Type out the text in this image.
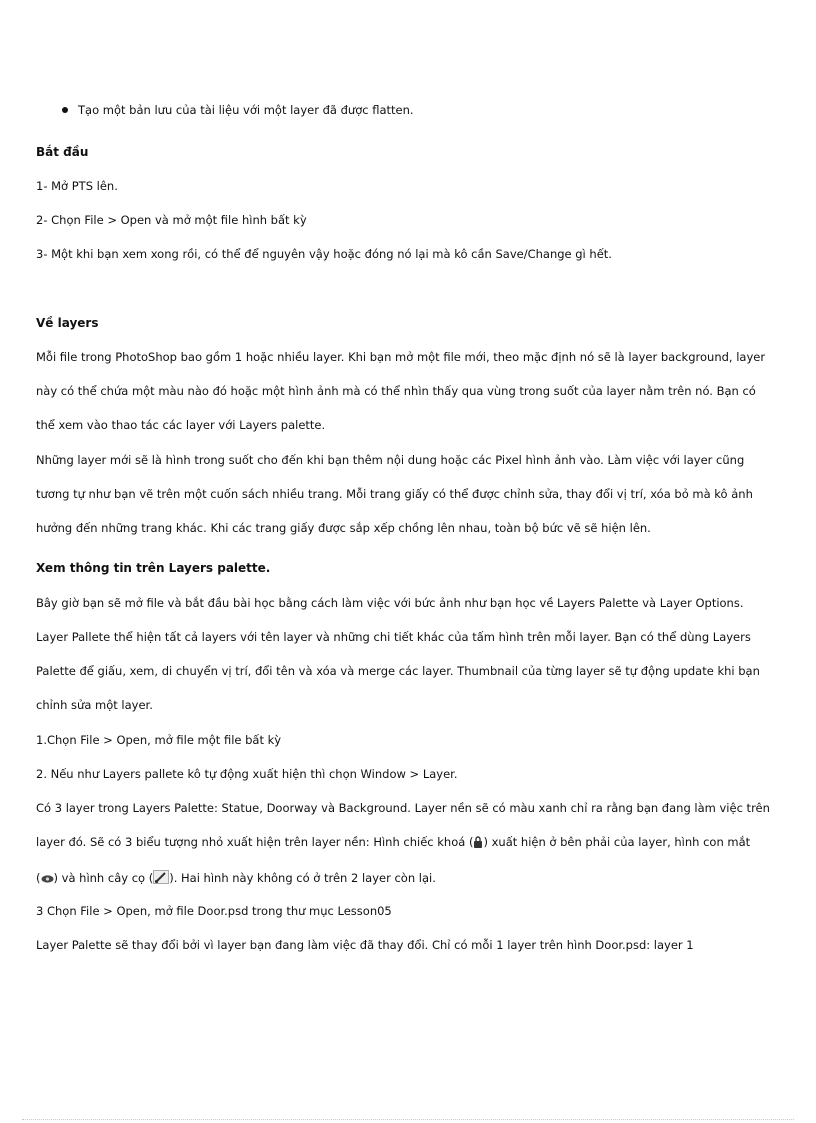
Tạo một bản lưu của tài liệu với một layer đã được flatten.
Bắt đầu
1- Mở PTS lên.
2- Chọn File > Open và mở một file hình bất kỳ
3- Một khi bạn xem xong rồi, có thể để nguyên vậy hoặc đóng nó lại mà kô cần Save/Change gì hết.
Về layers
Mỗi file trong PhotoShop bao gồm 1 hoặc nhiều layer. Khi bạn mở một file mới, theo mặc định nó sẽ là layer background, layer
này có thể chứa một màu nào đó hoặc một hình ảnh mà có thể nhìn thấy qua vùng trong suốt của layer nằm trên nó. Bạn có
thể xem vào thao tác các layer với Layers palette.
Những layer mới sẽ là hình trong suốt cho đến khi bạn thêm nội dung hoặc các Pixel hình ảnh vào. Làm việc với layer cũng
tương tự như bạn vẽ trên một cuốn sách nhiều trang. Mỗi trang giấy có thể được chỉnh sửa, thay đổi vị trí, xóa bỏ mà kô ảnh
hưởng đến những trang khác. Khi các trang giấy được sắp xếp chồng lên nhau, toàn bộ bức vẽ sẽ hiện lên.
Xem thông tin trên Layers palette.
Bây giờ bạn sẽ mở file và bắt đầu bài học bằng cách làm việc với bức ảnh như bạn học về Layers Palette và Layer Options.
Layer Pallete thể hiện tất cả layers với tên layer và những chi tiết khác của tấm hình trên mỗi layer. Bạn có thể dùng Layers
Palette để giấu, xem, di chuyển vị trí, đổi tên và xóa và merge các layer. Thumbnail của từng layer sẽ tự động update khi bạn
chỉnh sửa một layer.
1.Chọn File > Open, mở file một file bất kỳ
2. Nếu như Layers pallete kô tự động xuất hiện thì chọn Window > Layer.
Có 3 layer trong Layers Palette: Statue, Doorway và Background. Layer nền sẽ có màu xanh chỉ ra rằng bạn đang làm việc trên
layer đó. Sẽ có 3 biểu tượng nhỏ xuất hiện trên layer nền: Hình chiếc khoá ( ) xuất hiện ở bên phải của layer, hình con mắt
( ) và hình cây cọ ( ). Hai hình này không có ở trên 2 layer còn lại.
3 Chọn File > Open, mở file Door.psd trong thư mục Lesson05
Layer Palette sẽ thay đổi bởi vì layer bạn đang làm việc đã thay đổi. Chỉ có mỗi 1 layer trên hình Door.psd: layer 1
